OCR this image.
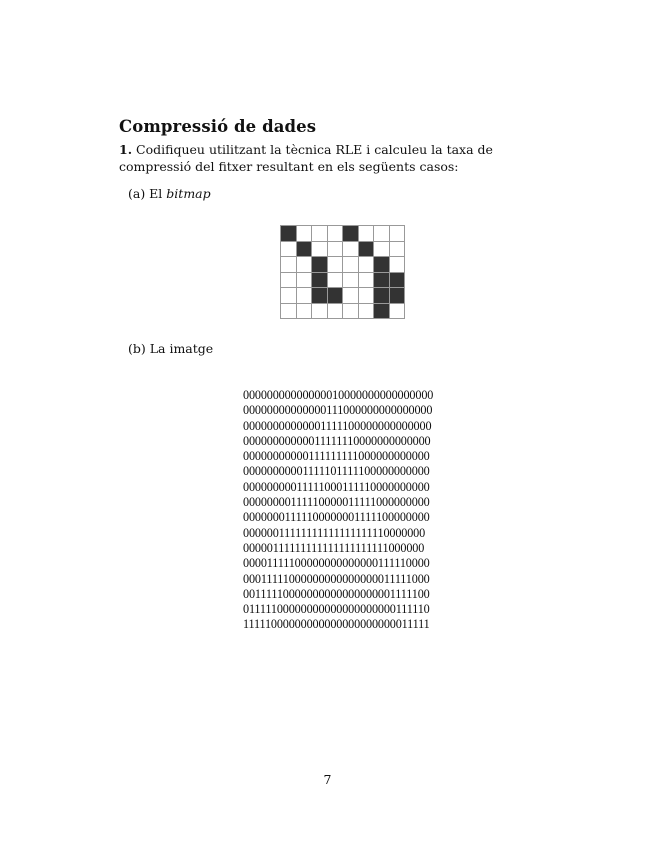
Compressió de dades
1. Codifiqueu utilitzant la tècnica RLE i calculeu la taxa de compressió del fitxer resultant en els següents casos:
(a) El bitmap
(b) La imatge
00000000000000010000000000000000
00000000000000111000000000000000
00000000000001111100000000000000
00000000000011111110000000000000
00000000000111111111000000000000
00000000001111101111100000000000
00000000011111000111110000000000
00000000111110000011111000000000
00000001111100000001111100000000
00000011111111111111111110000000
00000111111111111111111111000000
00001111100000000000000111110000
00011111000000000000000011111000
00111110000000000000000001111100
01111100000000000000000000111110
11111000000000000000000000011111
7
